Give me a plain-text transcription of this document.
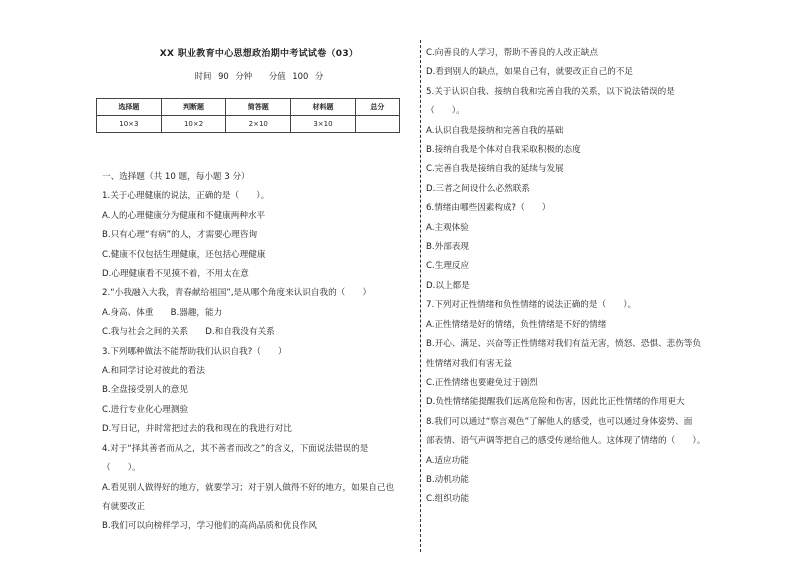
XX 职业教育中心思想政治期中考试试卷（03）
时间 90 分钟　　分值 100 分
选择题	判断题	简答题	材料题	总分
10×3	10×2	2×10	3×10	
一、选择题（共 10 题，每小题 3 分）
1.关于心理健康的说法，正确的是（　　）。
A.人的心理健康分为健康和不健康两种水平
B.只有心理“有病”的人，才需要心理咨询
C.健康不仅包括生理健康，还包括心理健康
D.心理健康看不见摸不着，不用太在意
2.“小我融入大我，青春献给祖国”,是从哪个角度来认识自我的（　　）
A.身高、体重　　B.器趣，能力
C.我与社会之间的关系　　D.和自我没有关系
3.下列哪种做法不能帮助我们认识自我?（　　）
A.和同学讨论对彼此的看法
B.全盘接受别人的意见
C.进行专业化心理测验
D.写日记，并时常把过去的我和现在的我进行对比
4.对于“择其善者而从之，其不善者而改之”的含义，下面说法错误的是
（　　）。
A.看见别人做得好的地方，就要学习；对于别人做得不好的地方，如果自己也
有就要改正
B.我们可以向榜样学习，学习他们的高尚品质和优良作风
C.向善良的人学习，帮助不善良的人改正缺点
D.看到别人的缺点，如果自己有，就要改正自己的不足
5.关于认识自我、接纳自我和完善自我的关系，以下说法错误的是
（　　）。
A.认识自我是接纳和完善自我的基础
B.接纳自我是个体对自我采取积极的态度
C.完善自我是接纳自我的延续与发展
D.三者之间设什么必然联系
6.情绪由哪些因素构成?（　　）
A.主观体验
B.外部表现
C.生理反应
D.以上都是
7.下列对正性情绪和负性情绪的说法正确的是（　　）。
A.正性情绪是好的情绪，负性情绪是不好的情绪
B.开心、满足、兴奋等正性情绪对我们有益无害，愤怒、恐惧、悲伤等负
性情绪对我们有害无益
C.正性情绪也要避免过于剧烈
D.负性情绪能提醒我们远离危险和伤害，因此比正性情绪的作用更大
8.我们可以通过“察言观色”了解他人的感受，也可以通过身体姿势、面
部表情、语气声调等把自己的感受传递给他人。这体现了情绪的（　　）。
A.适应功能
B.动机功能
C.组织功能
